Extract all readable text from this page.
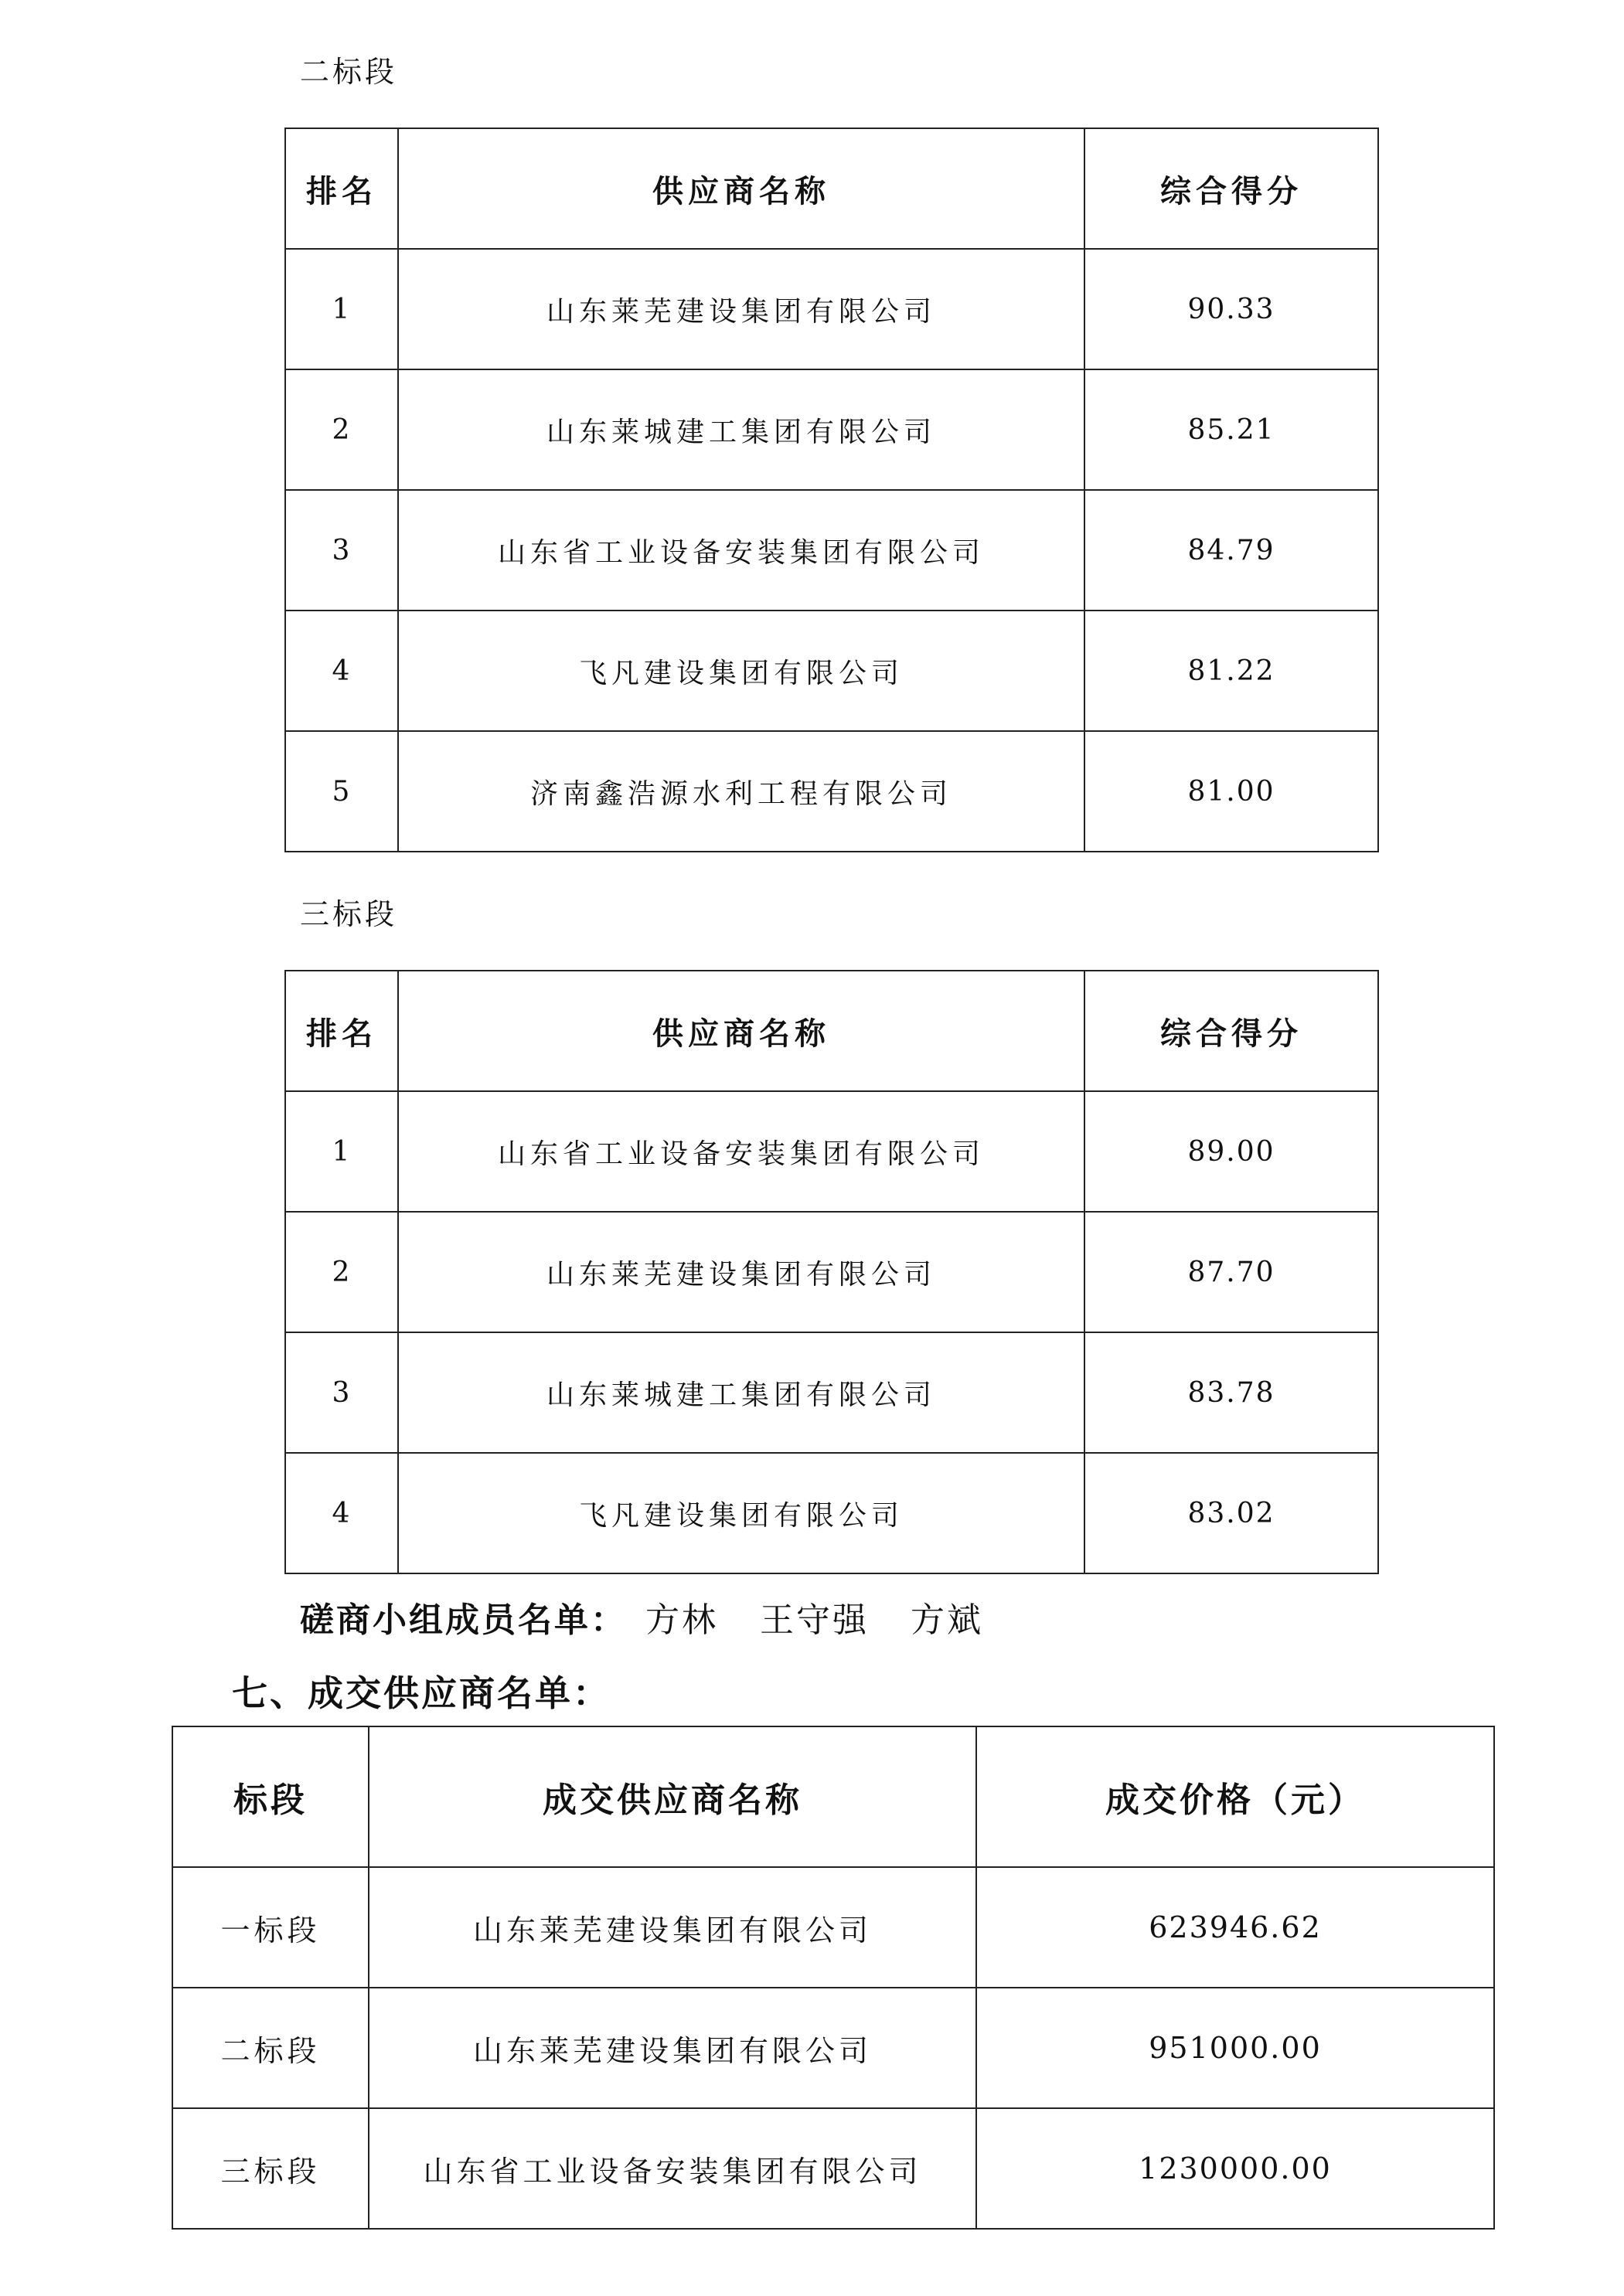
二标段
排名	供应商名称	综合得分
1	山东莱芜建设集团有限公司	90.33
2	山东莱城建工集团有限公司	85.21
3	山东省工业设备安装集团有限公司	84.79
4	飞凡建设集团有限公司	81.22
5	济南鑫浩源水利工程有限公司	81.00
三标段
排名	供应商名称	综合得分
1	山东省工业设备安装集团有限公司	89.00
2	山东莱芜建设集团有限公司	87.70
3	山东莱城建工集团有限公司	83.78
4	飞凡建设集团有限公司	83.02
磋商小组成员名单： 方林 王守强 方斌
七、成交供应商名单：
标段	成交供应商名称	成交价格（元）
一标段	山东莱芜建设集团有限公司	623946.62
二标段	山东莱芜建设集团有限公司	951000.00
三标段	山东省工业设备安装集团有限公司	1230000.00
